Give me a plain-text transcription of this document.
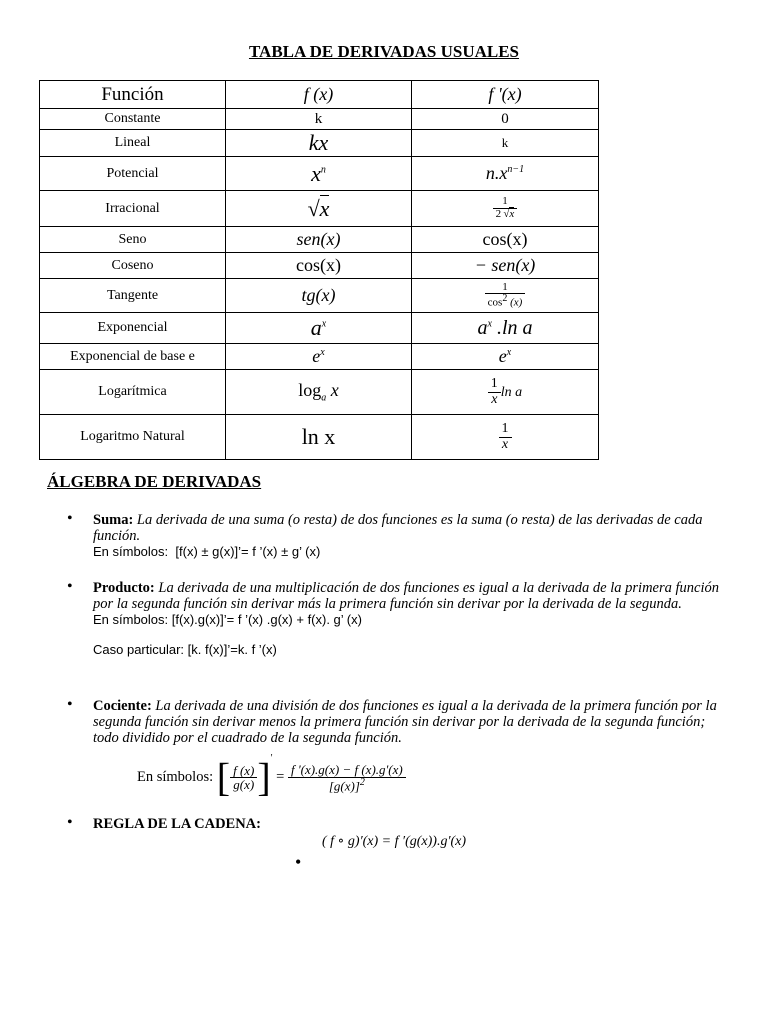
TABLA DE DERIVADAS USUALES
Función	f (x)	f '(x)
Constante	k	0
Lineal	kx	k
Potencial	$x^n$	$n.x^{n-1}$
Irracional	√x	$\frac{1}{2 √x}$

Seno	sen(x)	cos(x)
Coseno	cos(x)	− sen(x)
Tangente	tg(x)	$\frac{1}{\cos^2 (x)}$

Exponencial	$a^x$	$a^x$ .ln a
Exponencial de base e	$e^x$	$e^x$
Logarítmica	$\log_a x$	$\frac{1}{x}$ ln a
Logaritmo Natural	ln x	$\frac{1}{x}$
ÁLGEBRA DE DERIVADAS
• Suma: La derivada de una suma (o resta) de dos funciones es la suma (o resta) de las derivadas de cada función.
En símbolos: [f(x) ± g(x)]’= f ’(x) ± g’ (x)
• Producto: La derivada de una multiplicación de dos funciones es igual a la derivada de la primera función por la segunda función sin derivar más la primera función sin derivar por la derivada de la segunda.
En símbolos: [f(x).g(x)]’= f ’(x) .g(x) + f(x). g’ (x)
Caso particular: [k. f(x)]’=k. f ’(x)
• Cociente: La derivada de una división de dos funciones es igual a la derivada de la primera función por la segunda función sin derivar menos la primera función sin derivar por la derivada de la segunda función; todo dividido por el cuadrado de la segunda función.
En símbolos: [ $\frac{f (x)}{g(x)} ]' = \frac{f '(x).g(x) - f (x).g'(x)}{[g(x)]^2}$
• REGLA DE LA CADENA:
( f ∘ g)′(x) = f ′(g(x)).g′(x)
•
